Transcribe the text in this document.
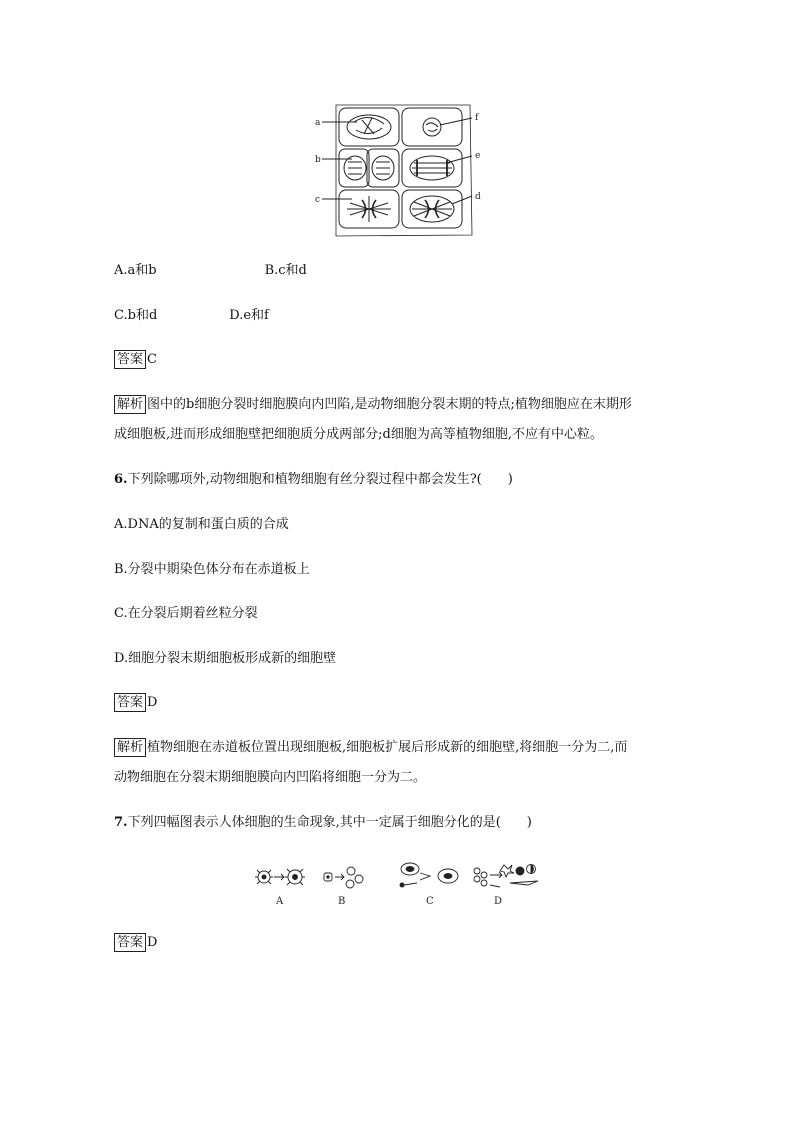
a
b
c
f
e
d
A.a和b	B.c和d
C.b和d	D.e和f
答案 C
解析 图中的b细胞分裂时细胞膜向内凹陷,是动物细胞分裂末期的特点;植物细胞应在末期形
成细胞板,进而形成细胞壁把细胞质分成两部分;d细胞为高等植物细胞,不应有中心粒。
6.下列除哪项外,动物细胞和植物细胞有丝分裂过程中都会发生?(　　)
A.DNA的复制和蛋白质的合成
B.分裂中期染色体分布在赤道板上
C.在分裂后期着丝粒分裂
D.细胞分裂末期细胞板形成新的细胞壁
答案 D
解析 植物细胞在赤道板位置出现细胞板,细胞板扩展后形成新的细胞壁,将细胞一分为二,而
动物细胞在分裂末期细胞膜向内凹陷将细胞一分为二。
7.下列四幅图表示人体细胞的生命现象,其中一定属于细胞分化的是(　　)
A	B	C	D
答案 D
